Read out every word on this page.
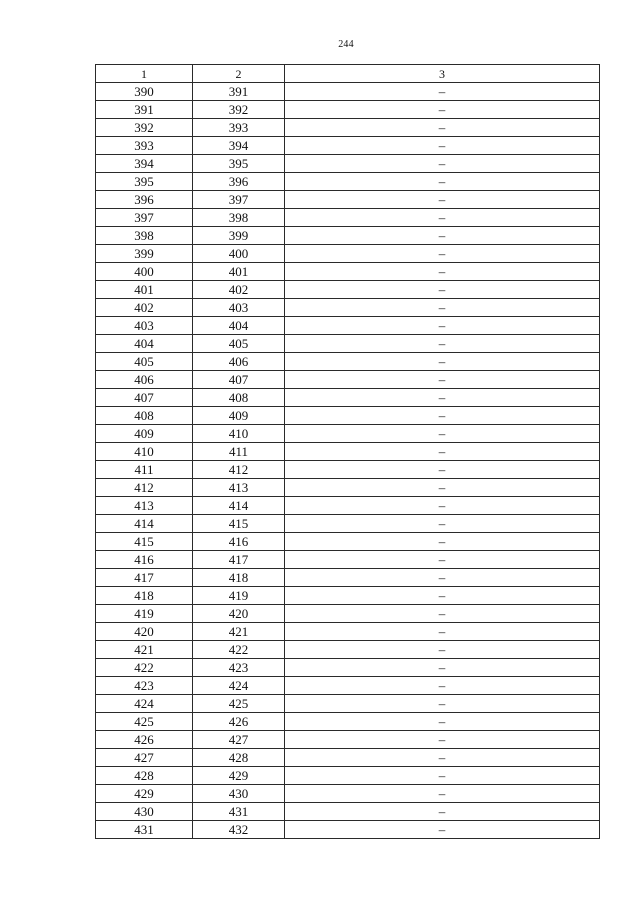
244
1	2	3
390	391	–
391	392	–
392	393	–
393	394	–
394	395	–
395	396	–
396	397	–
397	398	–
398	399	–
399	400	–
400	401	–
401	402	–
402	403	–
403	404	–
404	405	–
405	406	–
406	407	–
407	408	–
408	409	–
409	410	–
410	411	–
411	412	–
412	413	–
413	414	–
414	415	–
415	416	–
416	417	–
417	418	–
418	419	–
419	420	–
420	421	–
421	422	–
422	423	–
423	424	–
424	425	–
425	426	–
426	427	–
427	428	–
428	429	–
429	430	–
430	431	–
431	432	–
